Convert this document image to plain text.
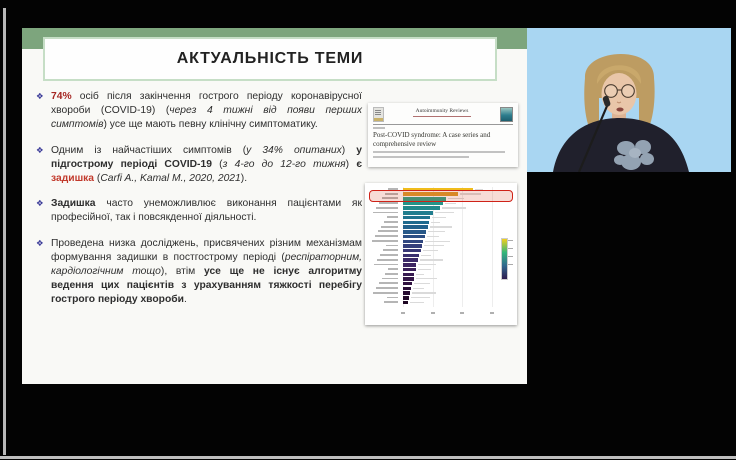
АКТУАЛЬНІСТЬ ТЕМИ
❖ 74% осіб після закінчення гострого періоду коронавірусної хвороби (COVID-19) (через 4 тижні від появи перших симптомів) усе ще мають певну клінічну симптоматику.
❖ Одним із найчастіших симптомів (у 34% опитаних) у підгострому періоді COVID-19 (з 4-го до 12-го тижня) є задишка (Carfi A., Kamal M., 2020, 2021).
❖ Задишка часто унеможливлює виконання пацієнтами як професійної, так і повсякденної діяльності.
❖ Проведена низка досліджень, присвячених різним механізмам формування задишки в постгострому періоді (респіраторним, кардіологічним тощо), втім усе ще не існує алгоритму ведення цих пацієнтів з урахуванням тяжкості перебігу гострого періоду хвороби.
Autoimmunity Reviews
Post-COVID syndrome: A case series and comprehensive review
